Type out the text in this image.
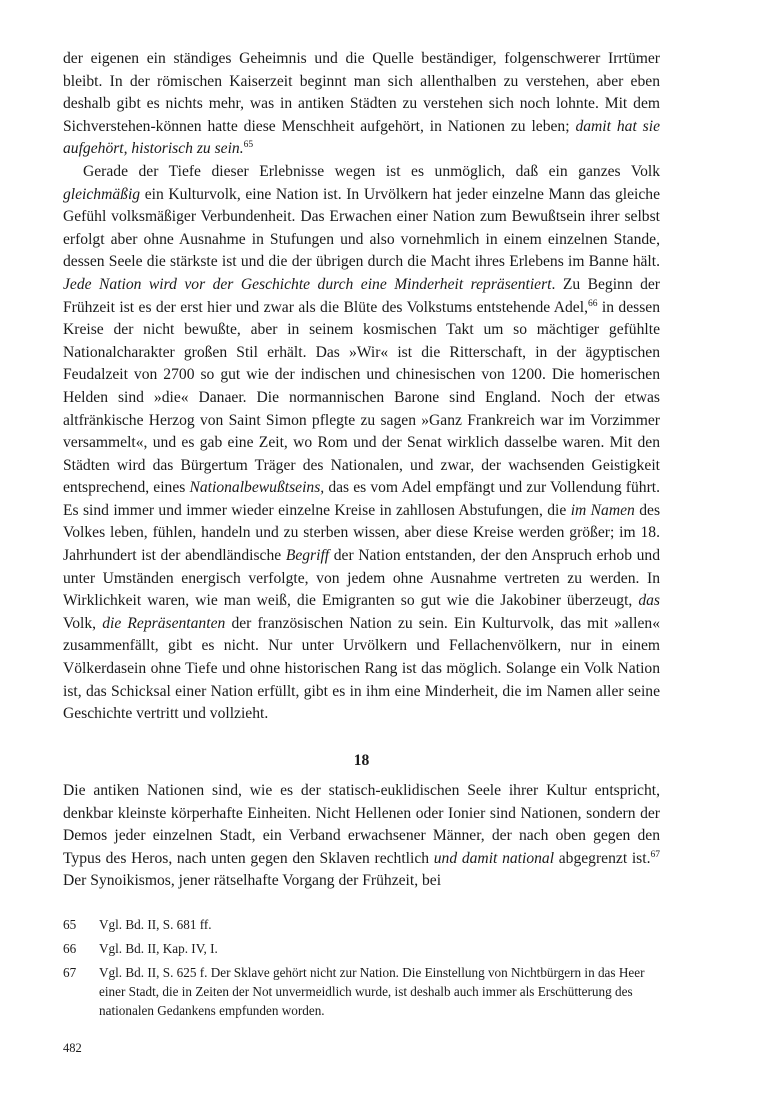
der eigenen ein ständiges Geheimnis und die Quelle beständiger, folgenschwerer Irrtümer bleibt. In der römischen Kaiserzeit beginnt man sich allenthalben zu verstehen, aber eben deshalb gibt es nichts mehr, was in antiken Städten zu verstehen sich noch lohnte. Mit dem Sichverstehen-können hatte diese Menschheit aufgehört, in Nationen zu leben; damit hat sie aufgehört, historisch zu sein.$^{65}$

Gerade der Tiefe dieser Erlebnisse wegen ist es unmöglich, daß ein ganzes Volk gleichmäßig ein Kulturvolk, eine Nation ist. In Urvölkern hat jeder einzelne Mann das gleiche Gefühl volksmäßiger Verbundenheit. Das Erwachen einer Nation zum Bewußtsein ihrer selbst erfolgt aber ohne Ausnahme in Stufungen und also vornehmlich in einem einzelnen Stande, dessen Seele die stärkste ist und die der übrigen durch die Macht ihres Erlebens im Banne hält. Jede Nation wird vor der Geschichte durch eine Minderheit repräsentiert. Zu Beginn der Frühzeit ist es der erst hier und zwar als die Blüte des Volkstums entstehende Adel,$^{66}$ in dessen Kreise der nicht bewußte, aber in seinem kosmischen Takt um so mächtiger gefühlte Nationalcharakter großen Stil erhält. Das »Wir« ist die Ritterschaft, in der ägyptischen Feudalzeit von 2700 so gut wie der indischen und chinesischen von 1200. Die homerischen Helden sind »die« Danaer. Die normannischen Barone sind England. Noch der etwas altfränkische Herzog von Saint Simon pflegte zu sagen »Ganz Frankreich war im Vorzimmer versammelt«, und es gab eine Zeit, wo Rom und der Senat wirklich dasselbe waren. Mit den Städten wird das Bürgertum Träger des Nationalen, und zwar, der wachsenden Geistigkeit entsprechend, eines Nationalbewußtseins, das es vom Adel empfängt und zur Vollendung führt. Es sind immer und immer wieder einzelne Kreise in zahllosen Abstufungen, die im Namen des Volkes leben, fühlen, handeln und zu sterben wissen, aber diese Kreise werden größer; im 18. Jahrhundert ist der abendländische Begriff der Nation entstanden, der den Anspruch erhob und unter Umständen energisch verfolgte, von jedem ohne Ausnahme vertreten zu werden. In Wirklichkeit waren, wie man weiß, die Emigranten so gut wie die Jakobiner überzeugt, das Volk, die Repräsentanten der französischen Nation zu sein. Ein Kulturvolk, das mit »allen« zusammenfällt, gibt es nicht. Nur unter Urvölkern und Fellachenvölkern, nur in einem Völkerdasein ohne Tiefe und ohne historischen Rang ist das möglich. Solange ein Volk Nation ist, das Schicksal einer Nation erfüllt, gibt es in ihm eine Minderheit, die im Namen aller seine Geschichte vertritt und vollzieht.

18

Die antiken Nationen sind, wie es der statisch-euklidischen Seele ihrer Kultur entspricht, denkbar kleinste körperhafte Einheiten. Nicht Hellenen oder Ionier sind Nationen, sondern der Demos jeder einzelnen Stadt, ein Verband erwachsener Männer, der nach oben gegen den Typus des Heros, nach unten gegen den Sklaven rechtlich und damit national abgegrenzt ist.$^{67}$ Der Synoikismos, jener rätselhafte Vorgang der Frühzeit, bei

65	Vgl. Bd. II, S. 681 ff.
66	Vgl. Bd. II, Kap. IV, I.
67	Vgl. Bd. II, S. 625 f. Der Sklave gehört nicht zur Nation. Die Einstellung von Nichtbürgern in das Heer einer Stadt, die in Zeiten der Not unvermeidlich wurde, ist deshalb auch immer als Erschütterung des nationalen Gedankens empfunden worden.
482
